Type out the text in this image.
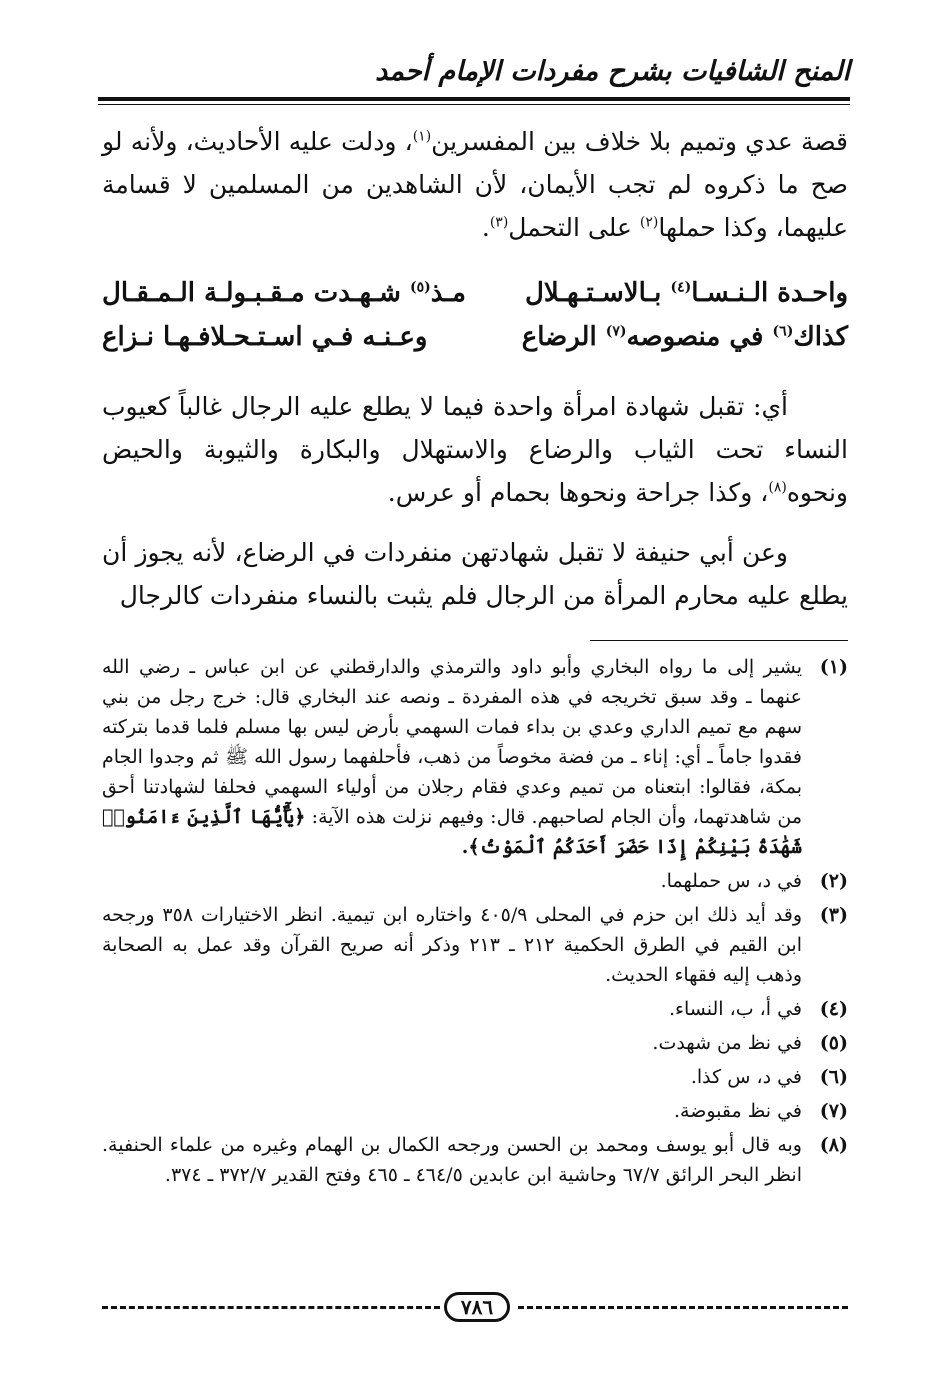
المنح الشافيات بشرح مفردات الإمام أحمد

قصة عدي وتميم بلا خلاف بين المفسرين$^{(١)}$، ودلت عليه الأحاديث، ولأنه لو صح ما ذكروه لم تجب الأيمان، لأن الشاهدين من المسلمين لا قسامة عليهما، وكذا حملها$^{(٢)}$ على التحمل$^{(٣)}$.

واحـدة الـنـسـا$^{(٤)}$ بـالاسـتـهـلال
مـذ$^{(٥)}$ شـهـدت مـقـبـولـة الـمـقـال
كذاك$^{(٦)}$ في منصوصه$^{(٧)}$ الرضاع
وعـنـه فـي اسـتـحـلافـهـا نـزاع

أي: تقبل شهادة امرأة واحدة فيما لا يطلع عليه الرجال غالباً كعيوب النساء تحت الثياب والرضاع والاستهلال والبكارة والثيوبة والحيض ونحوه$^{(٨)}$، وكذا جراحة ونحوها بحمام أو عرس.

وعن أبي حنيفة لا تقبل شهادتهن منفردات في الرضاع، لأنه يجوز أن يطلع عليه محارم المرأة من الرجال فلم يثبت بالنساء منفردات كالرجال

(١)
يشير إلى ما رواه البخاري وأبو داود والترمذي والدارقطني عن ابن عباس ـ رضي الله عنهما ـ وقد سبق تخريجه في هذه المفردة ـ ونصه عند البخاري قال: خرج رجل من بني سهم مع تميم الداري وعدي بن بداء فمات السهمي بأرض ليس بها مسلم فلما قدما بتركته فقدوا جاماً ـ أي: إناء ـ من فضة مخوصاً من ذهب، فأحلفهما رسول الله ﷺ ثم وجدوا الجام بمكة، فقالوا: ابتعناه من تميم وعدي فقام رجلان من أولياء السهمي فحلفا لشهادتنا أحق من شاهدتهما، وأن الجام لصاحبهم. قال: وفيهم نزلت هذه الآية: ﴿يَٰٓأَيُّهَا ٱلَّذِينَ ءَامَنُوا۟ شَهَٰدَةُ بَيْنِكُمْ إِذَا حَضَرَ أَحَدَكُمُ ٱلْمَوْتُ﴾.
(٢)
في د، س حملهما.
(٣)
وقد أيد ذلك ابن حزم في المحلى ٤٠٥/٩ واختاره ابن تيمية. انظر الاختيارات ٣٥٨ ورجحه ابن القيم في الطرق الحكمية ٢١٢ ـ ٢١٣ وذكر أنه صريح القرآن وقد عمل به الصحابة وذهب إليه فقهاء الحديث.
(٤)
في أ، ب، النساء.
(٥)
في نظ من شهدت.
(٦)
في د، س كذا.
(٧)
في نظ مقبوضة.
(٨)
وبه قال أبو يوسف ومحمد بن الحسن ورجحه الكمال بن الهمام وغيره من علماء الحنفية. انظر البحر الرائق ٦٧/٧ وحاشية ابن عابدين ٤٦٤/٥ ـ ٤٦٥ وفتح القدير ٣٧٢/٧ ـ ٣٧٤.
٧٨٦
